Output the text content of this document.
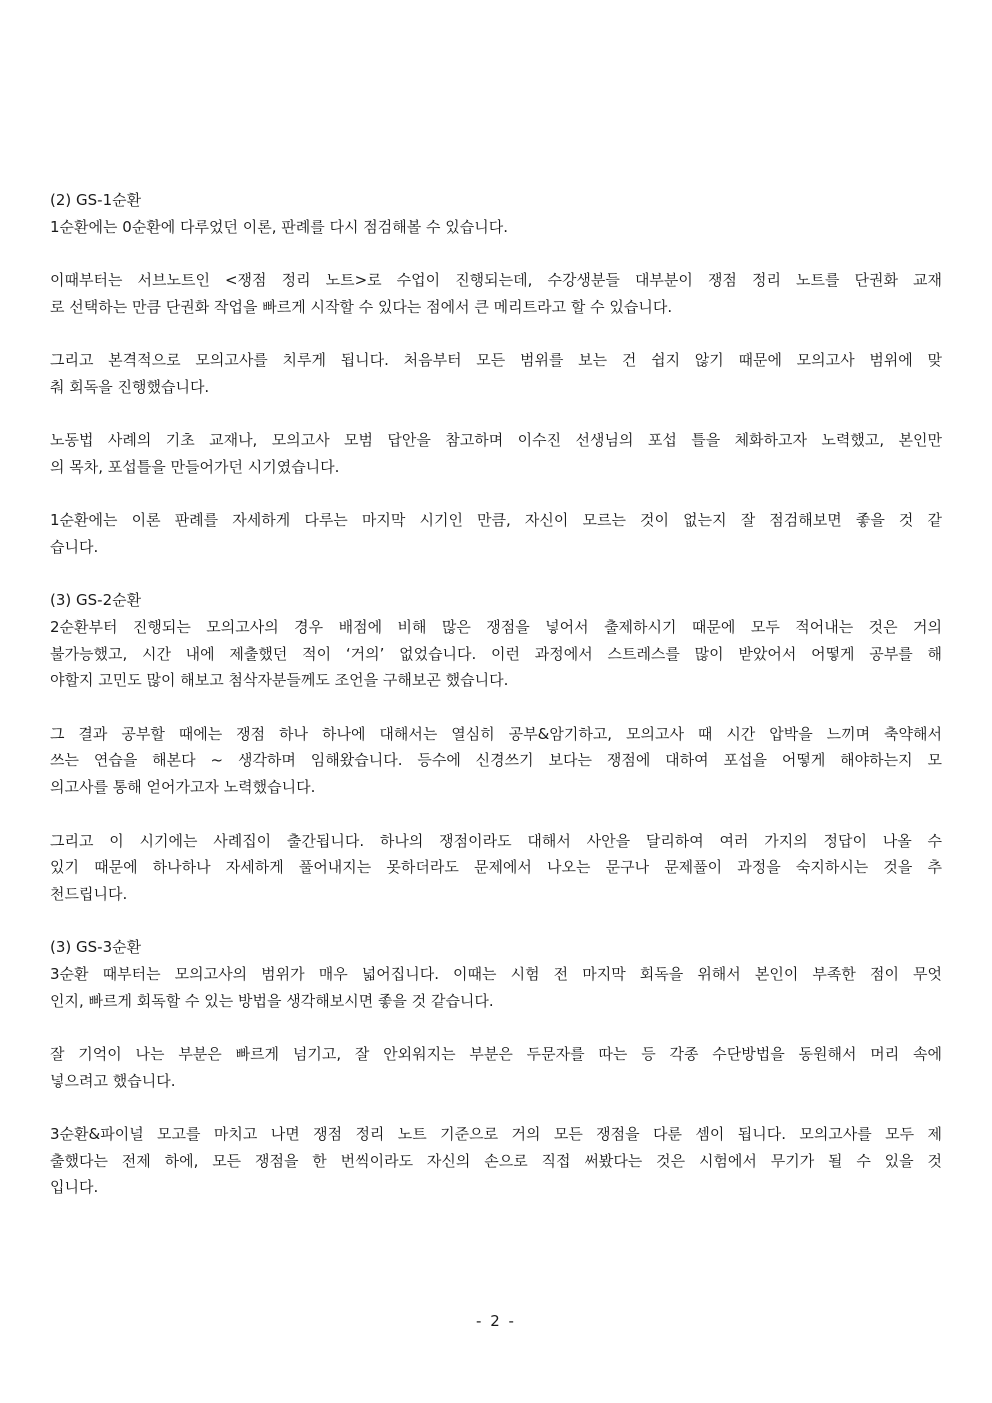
(2) GS-1순환
1순환에는 0순환에 다루었던 이론, 판례를 다시 점검해볼 수 있습니다.
이때부터는 서브노트인 <쟁점 정리 노트>로 수업이 진행되는데, 수강생분들 대부분이 쟁점 정리 노트를 단권화 교재
로 선택하는 만큼 단권화 작업을 빠르게 시작할 수 있다는 점에서 큰 메리트라고 할 수 있습니다.
그리고 본격적으로 모의고사를 치루게 됩니다. 처음부터 모든 범위를 보는 건 쉽지 않기 때문에 모의고사 범위에 맞
춰 회독을 진행했습니다.
노동법 사례의 기초 교재나, 모의고사 모범 답안을 참고하며 이수진 선생님의 포섭 틀을 체화하고자 노력했고, 본인만
의 목차, 포섭틀을 만들어가던 시기였습니다.
1순환에는 이론 판례를 자세하게 다루는 마지막 시기인 만큼, 자신이 모르는 것이 없는지 잘 점검해보면 좋을 것 같
습니다.
(3) GS-2순환
2순환부터 진행되는 모의고사의 경우 배점에 비해 많은 쟁점을 넣어서 출제하시기 때문에 모두 적어내는 것은 거의
불가능했고, 시간 내에 제출했던 적이 ‘거의’ 없었습니다. 이런 과정에서 스트레스를 많이 받았어서 어떻게 공부를 해
야할지 고민도 많이 해보고 첨삭자분들께도 조언을 구해보곤 했습니다.
그 결과 공부할 때에는 쟁점 하나 하나에 대해서는 열심히 공부&암기하고, 모의고사 때 시간 압박을 느끼며 축약해서
쓰는 연습을 해본다 ~ 생각하며 임해왔습니다. 등수에 신경쓰기 보다는 쟁점에 대하여 포섭을 어떻게 해야하는지 모
의고사를 통해 얻어가고자 노력했습니다.
그리고 이 시기에는 사례집이 출간됩니다. 하나의 쟁점이라도 대해서 사안을 달리하여 여러 가지의 정답이 나올 수
있기 때문에 하나하나 자세하게 풀어내지는 못하더라도 문제에서 나오는 문구나 문제풀이 과정을 숙지하시는 것을 추
천드립니다.
(3) GS-3순환
3순환 때부터는 모의고사의 범위가 매우 넓어집니다. 이때는 시험 전 마지막 회독을 위해서 본인이 부족한 점이 무엇
인지, 빠르게 회독할 수 있는 방법을 생각해보시면 좋을 것 같습니다.
잘 기억이 나는 부분은 빠르게 넘기고, 잘 안외워지는 부분은 두문자를 따는 등 각종 수단방법을 동원해서 머리 속에
넣으려고 했습니다.
3순환&파이널 모고를 마치고 나면 쟁점 정리 노트 기준으로 거의 모든 쟁점을 다룬 셈이 됩니다. 모의고사를 모두 제
출했다는 전제 하에, 모든 쟁점을 한 번씩이라도 자신의 손으로 직접 써봤다는 것은 시험에서 무기가 될 수 있을 것
입니다.
- 2 -
